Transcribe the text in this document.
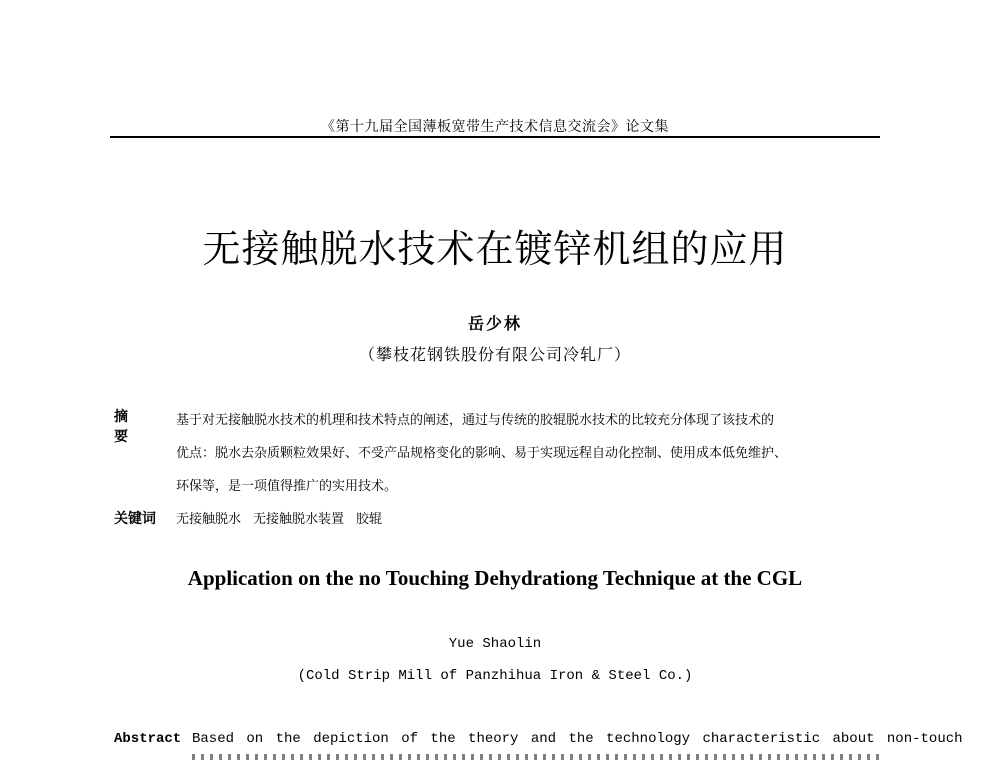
《第十九届全国薄板宽带生产技术信息交流会》论文集
无接触脱水技术在镀锌机组的应用
岳少林
（攀枝花钢铁股份有限公司冷轧厂）
摘 要
基于对无接触脱水技术的机理和技术特点的阐述，通过与传统的胶辊脱水技术的比较充分体现了该技术的
优点：脱水去杂质颗粒效果好、不受产品规格变化的影响、易于实现远程自动化控制、使用成本低免维护、
环保等，是一项值得推广的实用技术。
关键词 无接触脱水 无接触脱水装置 胶辊
Application on the no Touching Dehydrationg Technique at the CGL
Yue Shaolin
(Cold Strip Mill of Panzhihua Iron & Steel Co.)
Abstract Based on the depiction of the theory and the technology characteristic about non-touch
